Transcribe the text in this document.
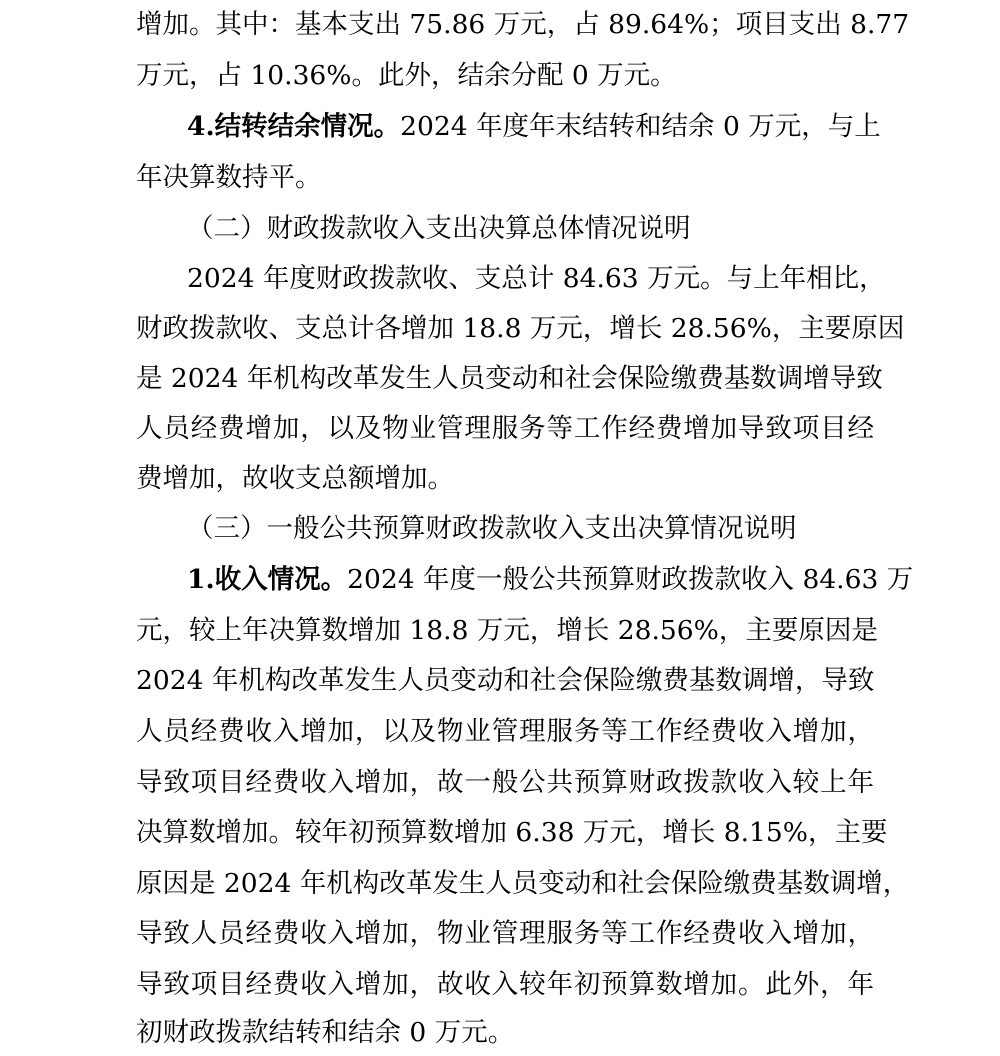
增加。其中：基本支出 75.86 万元，占 89.64%；项目支出 8.77
万元，占 10.36%。此外，结余分配 0 万元。
4.结转结余情况。2024 年度年末结转和结余 0 万元，与上
年决算数持平。
（二）财政拨款收入支出决算总体情况说明
2024 年度财政拨款收、支总计 84.63 万元。与上年相比，
财政拨款收、支总计各增加 18.8 万元，增长 28.56%，主要原因
是 2024 年机构改革发生人员变动和社会保险缴费基数调增导致
人员经费增加，以及物业管理服务等工作经费增加导致项目经
费增加，故收支总额增加。
（三）一般公共预算财政拨款收入支出决算情况说明
1.收入情况。2024 年度一般公共预算财政拨款收入 84.63 万
元，较上年决算数增加 18.8 万元，增长 28.56%，主要原因是
2024 年机构改革发生人员变动和社会保险缴费基数调增，导致
人员经费收入增加，以及物业管理服务等工作经费收入增加，
导致项目经费收入增加，故一般公共预算财政拨款收入较上年
决算数增加。较年初预算数增加 6.38 万元，增长 8.15%，主要
原因是 2024 年机构改革发生人员变动和社会保险缴费基数调增，
导致人员经费收入增加，物业管理服务等工作经费收入增加，
导致项目经费收入增加，故收入较年初预算数增加。此外，年
初财政拨款结转和结余 0 万元。
